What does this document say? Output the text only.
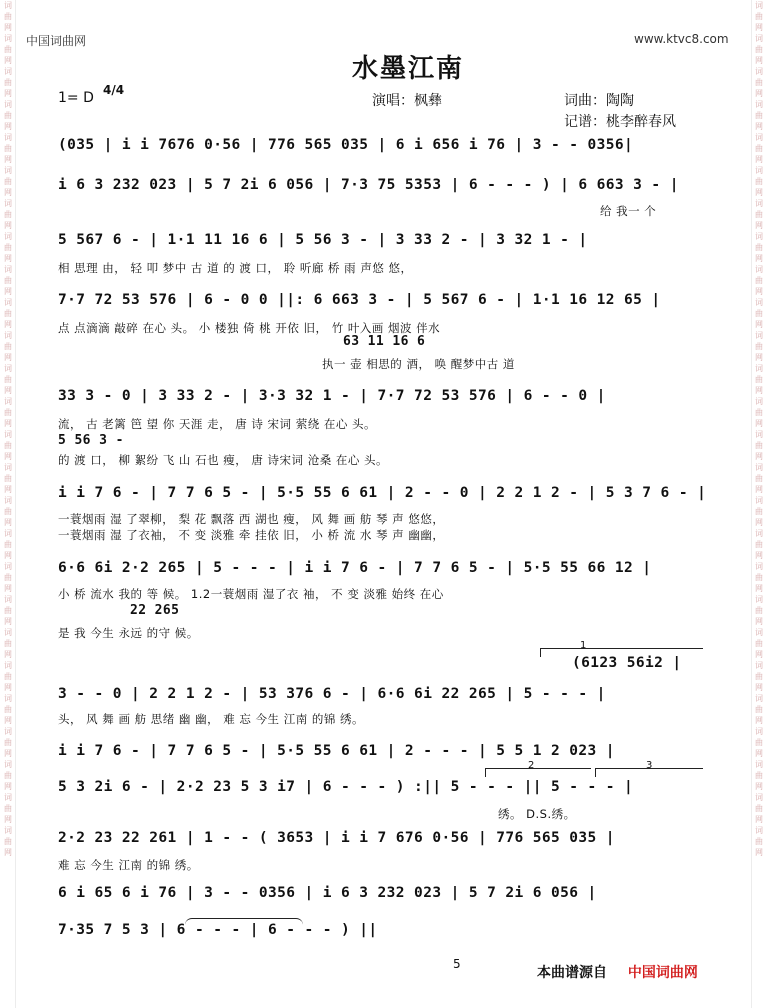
词曲网词曲网词曲网词曲网词曲网词曲网词曲网词曲网词曲网词曲网词曲网词曲网词曲网词曲网词曲网词曲网词曲网词曲网词曲网词曲网词曲网词曲网词曲网词曲网词曲网词曲网
词曲网词曲网词曲网词曲网词曲网词曲网词曲网词曲网词曲网词曲网词曲网词曲网词曲网词曲网词曲网词曲网词曲网词曲网词曲网词曲网词曲网词曲网词曲网词曲网词曲网词曲网
中国词曲网	www.ktvc8.com
水墨江南
1= D 4/4
演唱：枫彝	词曲：陶陶
记谱：桃李醉春风
(035 | i i 7676 0·56 | 776 565 035 | 6 i 656 i 76 | 3 - - 0356|
i 6 3 232 023 | 5 7 2i 6 056 | 7·3 75 5353 | 6 - - - ) | 6 663 3 - |
给 我一 个
5 567 6 - | 1·1 11 16 6 | 5 56 3 - | 3 33 2 - | 3 32 1 - |
相 思理 由， 轻 叩 梦中 古 道 的 渡 口， 聆 听廊 桥 雨 声悠 悠，
7·7 72 53 576 | 6 - 0 0 ||: 6 663 3 - | 5 567 6 - | 1·1 16 12 65 |
点 点滴滴 敲碎 在心 头。 小 楼独 倚 桃 开依 旧， 竹 叶入画 烟波 伴水
63 11 16 6
执一 壶 相思的 酒， 唤 醒梦中古 道
33 3 - 0 | 3 33 2 - | 3·3 32 1 - | 7·7 72 53 576 | 6 - - 0 |
流， 古 老篱 笆 望 你 天涯 走， 唐 诗 宋词 萦绕 在心 头。
5 56 3 -
的 渡 口， 柳 絮纷 飞 山 石也 瘦， 唐 诗宋词 沧桑 在心 头。
i i 7 6 - | 7 7 6 5 - | 5·5 55 6 61 | 2 - - 0 | 2 2 1 2 - | 5 3 7 6 - |
一蓑烟雨 湿 了翠柳， 梨 花 飘落 西 湖也 瘦， 风 舞 画 舫 琴 声 悠悠，
一蓑烟雨 湿 了衣袖， 不 变 淡雅 牵 挂依 旧， 小 桥 流 水 琴 声 幽幽，
6·6 6i 2·2 265 | 5 - - - | i i 7 6 - | 7 7 6 5 - | 5·5 55 66 12 |
小 桥 流水 我的 等 候。 1.2一蓑烟雨 湿了衣 袖， 不 变 淡雅 始终 在心
22 265
是 我 今生 永远 的守 候。
1
(6123 56i2 |
3 - - 0 | 2 2 1 2 - | 53 376 6 - | 6·6 6i 22 265 | 5 - - - |
头， 风 舞 画 舫 思绪 幽 幽， 难 忘 今生 江南 的锦 绣。
i i 7 6 - | 7 7 6 5 - | 5·5 55 6 61 | 2 - - - | 5 5 1 2 023 |
2	3
5 3 2i 6 - | 2·2 23 5 3 i7 | 6 - - - ) :|| 5 - - - || 5 - - - |
绣。 D.S.绣。
2·2 23 22 261 | 1 - - ( 3653 | i i 7 676 0·56 | 776 565 035 |
难 忘 今生 江南 的锦 绣。
6 i 65 6 i 76 | 3 - - 0356 | i 6 3 232 023 | 5 7 2i 6 056 |
7·35 7 5 3 | 6 - - - | 6 - - - ) ||
5
本曲谱源自 中国词曲网
